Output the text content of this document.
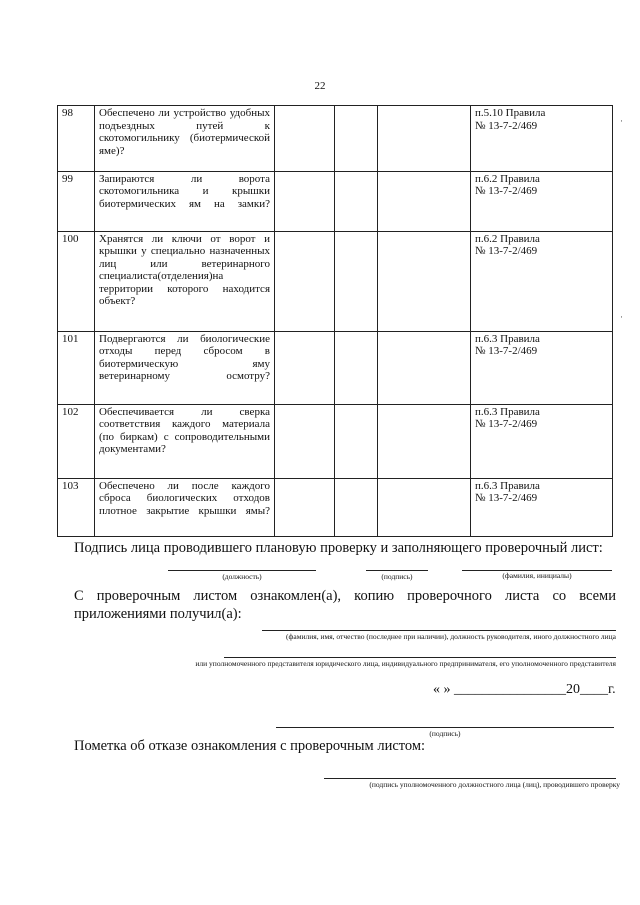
22
98	Обеспечено ли устройство удобных подъездных путей к скотомогильнику (биотермической яме)?				п.5.10 Правила
№ 13-7-2/469

99	Запираются ли ворота скотомогильника и крышки биотермических ям на замки?				п.6.2 Правила
№ 13-7-2/469

100	Хранятся ли ключи от ворот и крышки у специально назначенных лиц или ветеринарного специалиста(отделения)на территории которого находится объект?				п.6.2 Правила
№ 13-7-2/469

101	Подвергаются ли биологические отходы перед сбросом в биотермическую яму ветеринарному осмотру?				п.6.3 Правила
№ 13-7-2/469

102	Обеспечивается ли сверка соответствия каждого материала (по биркам) с сопроводительными документами?				п.6.3 Правила
№ 13-7-2/469

103	Обеспечено ли после каждого сброса биологических отходов плотное закрытие крышки ямы?				п.6.3 Правила
№ 13-7-2/469
·
·
Подпись лица проводившего плановую проверку и заполняющего проверочный лист:
(должность)	(подпись)	(фамилия, инициалы)
С проверочным листом ознакомлен(а), копию проверочного листа со всеми приложениями получил(а):
(фамилия, имя, отчество (последнее при наличии), должность руководителя, иного должностного лица
или уполномоченного представителя юридического лица, индивидуального предпринимателя, его уполномоченного представителя
« » ________________20____г.
(подпись)
Пометка об отказе ознакомления с проверочным листом:
(подпись уполномоченного должностного лица (лиц), проводившего проверку
